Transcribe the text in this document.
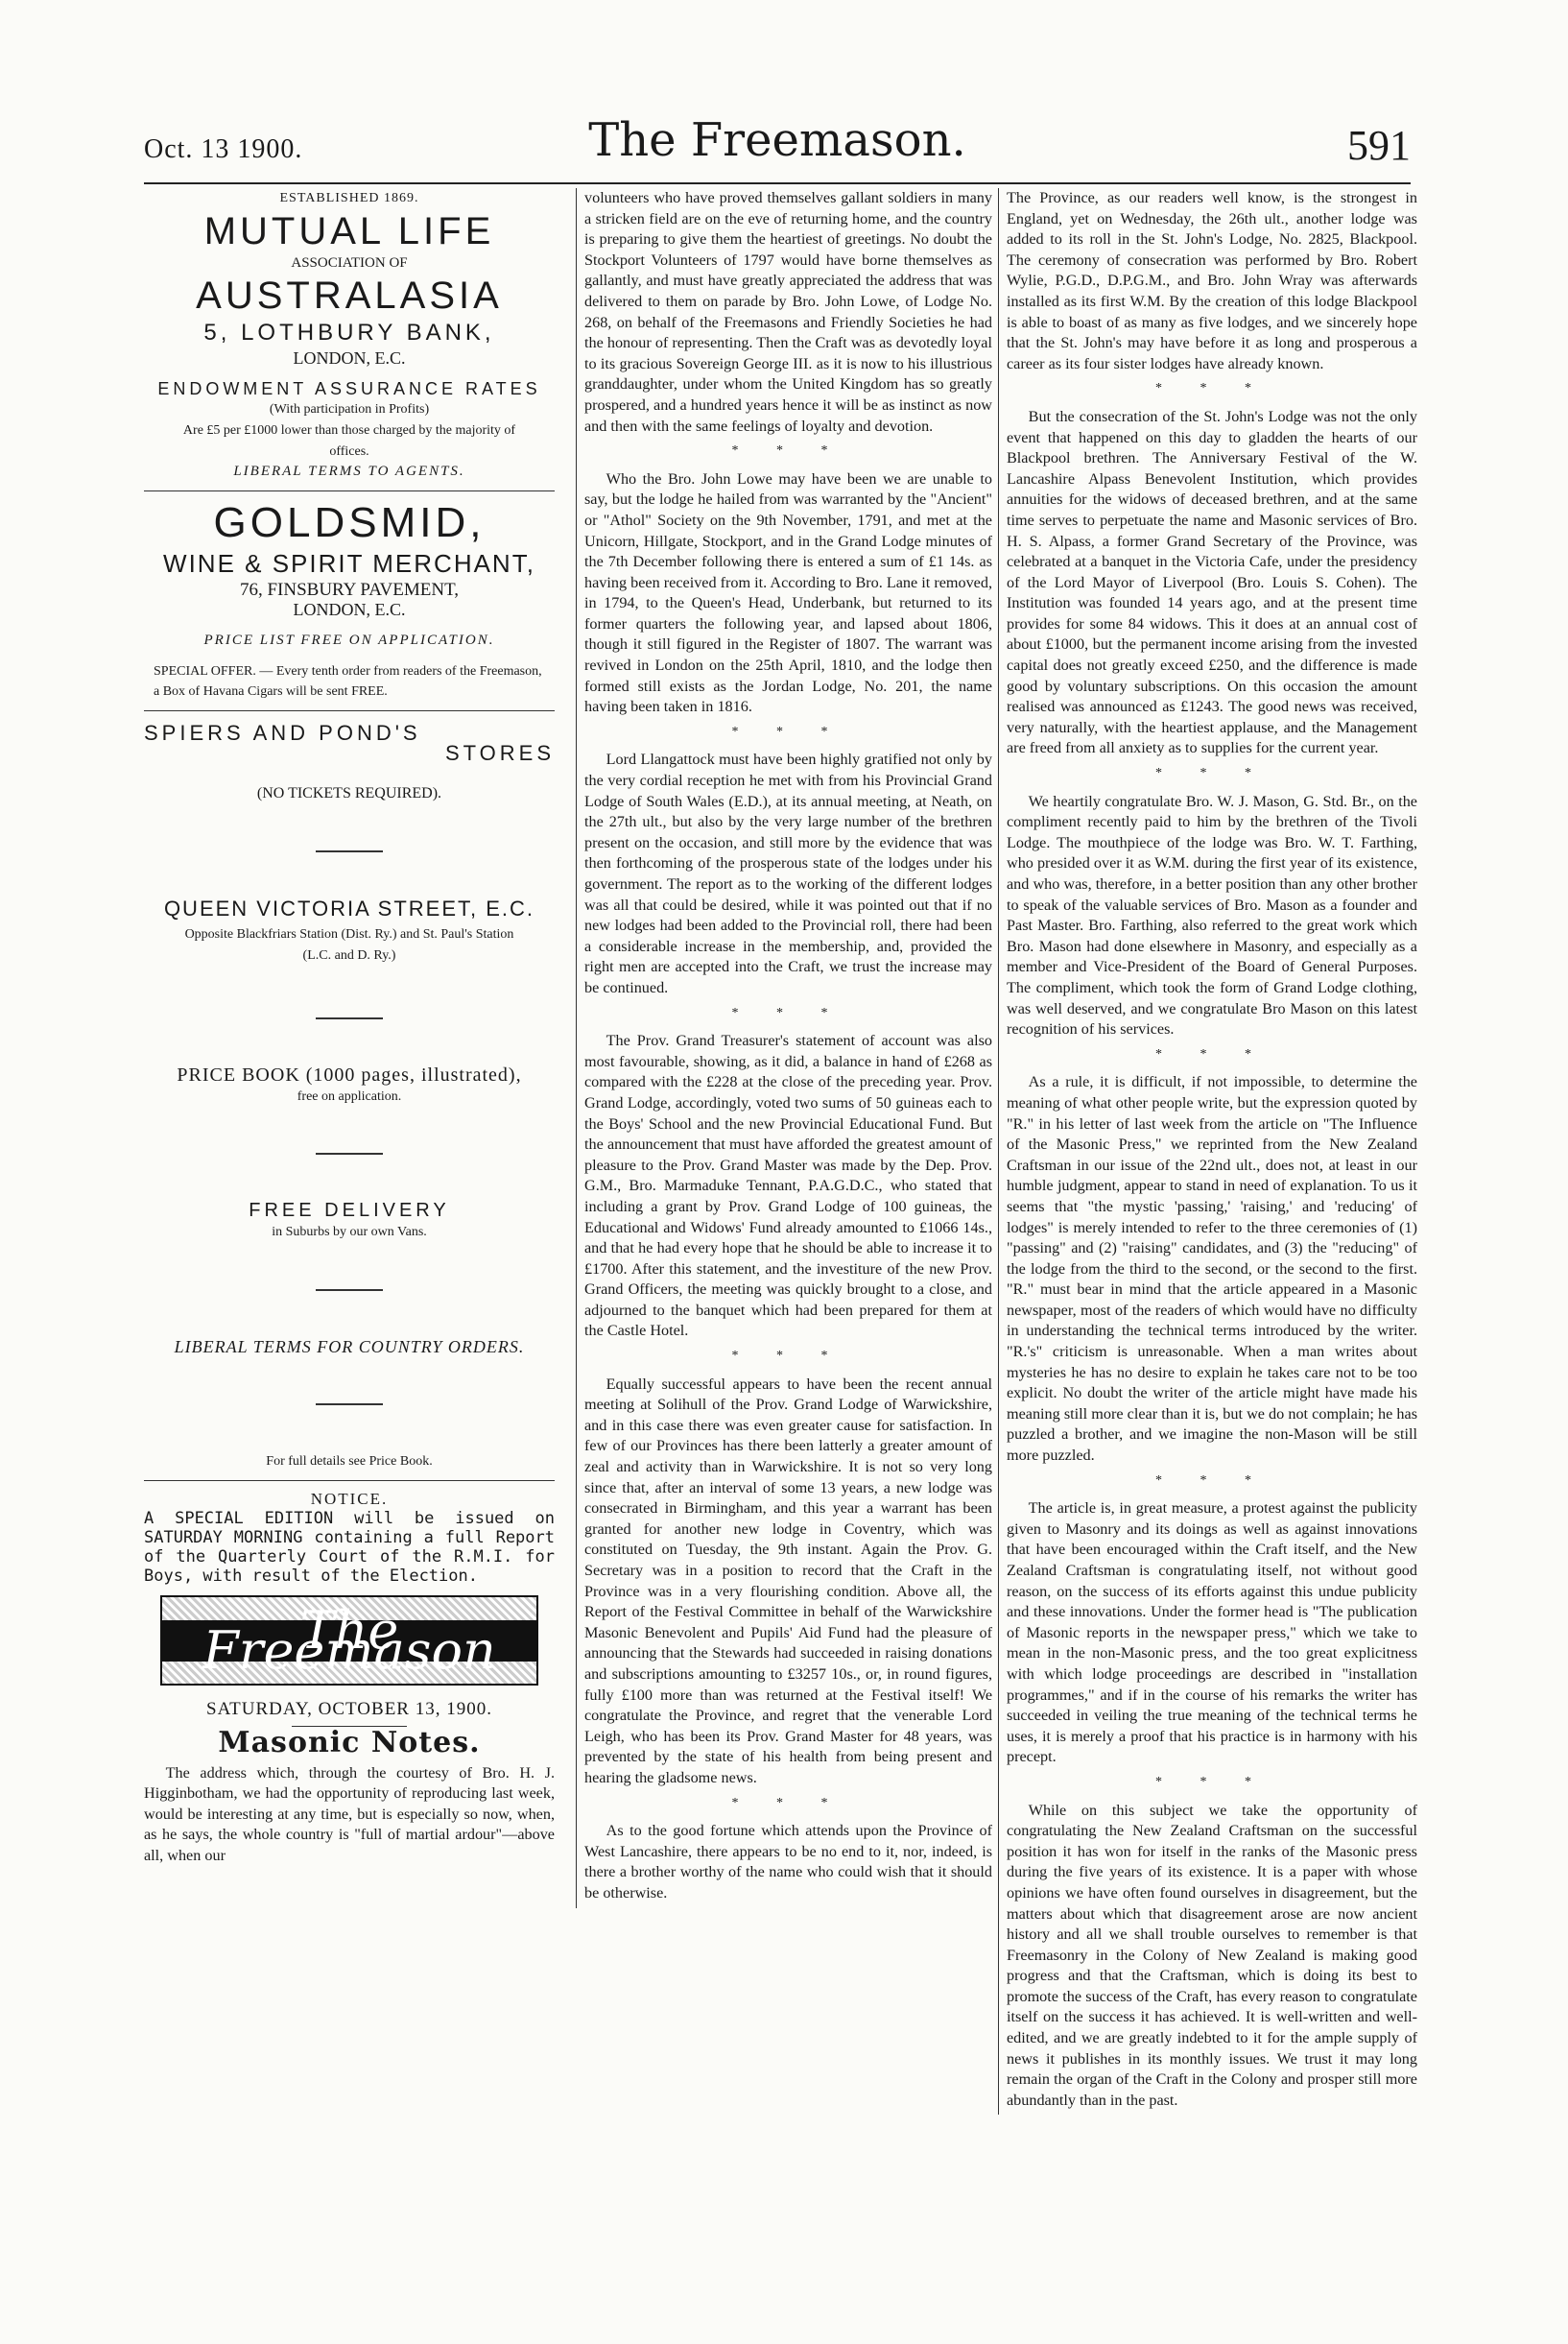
Oct. 13 1900.	The Freemason.	591
ESTABLISHED 1869.
MUTUAL LIFE
ASSOCIATION OF
AUSTRALASIA
5, LOTHBURY BANK,
LONDON, E.C.
ENDOWMENT ASSURANCE RATES
(With participation in Profits)
Are £5 per £1000 lower than those charged by the majority of offices.
LIBERAL TERMS TO AGENTS.
GOLDSMID,
WINE & SPIRIT MERCHANT,
76, FINSBURY PAVEMENT,
LONDON, E.C.
PRICE LIST FREE ON APPLICATION.
SPECIAL OFFER. — Every tenth order from readers of the Freemason, a Box of Havana Cigars will be sent FREE.
SPIERS AND POND'S
STORES
(NO TICKETS REQUIRED).
QUEEN VICTORIA STREET, E.C.
Opposite Blackfriars Station (Dist. Ry.) and St. Paul's Station (L.C. and D. Ry.)
PRICE BOOK (1000 pages, illustrated),
free on application.
FREE DELIVERY
in Suburbs by our own Vans.
LIBERAL TERMS FOR COUNTRY ORDERS.
For full details see Price Book.
NOTICE.
A SPECIAL EDITION will be issued on SATURDAY MORNING containing a full Report of the Quarterly Court of the R.M.I. for Boys, with result of the Election.
The Freemason
SATURDAY, OCTOBER 13, 1900.
Masonic Notes.

The address which, through the courtesy of Bro. H. J. Higginbotham, we had the opportunity of reproducing last week, would be interesting at any time, but is especially so now, when, as he says, the whole country is "full of martial ardour"—above all, when our

volunteers who have proved themselves gallant soldiers in many a stricken field are on the eve of returning home, and the country is preparing to give them the heartiest of greetings. No doubt the Stockport Volunteers of 1797 would have borne themselves as gallantly, and must have greatly appreciated the address that was delivered to them on parade by Bro. John Lowe, of Lodge No. 268, on behalf of the Freemasons and Friendly Societies he had the honour of representing. Then the Craft was as devotedly loyal to its gracious Sovereign George III. as it is now to his illustrious granddaughter, under whom the United Kingdom has so greatly prospered, and a hundred years hence it will be as instinct as now and then with the same feelings of loyalty and devotion.

* * *

Who the Bro. John Lowe may have been we are unable to say, but the lodge he hailed from was warranted by the "Ancient" or "Athol" Society on the 9th November, 1791, and met at the Unicorn, Hillgate, Stockport, and in the Grand Lodge minutes of the 7th December following there is entered a sum of £1 14s. as having been received from it. According to Bro. Lane it removed, in 1794, to the Queen's Head, Underbank, but returned to its former quarters the following year, and lapsed about 1806, though it still figured in the Register of 1807. The warrant was revived in London on the 25th April, 1810, and the lodge then formed still exists as the Jordan Lodge, No. 201, the name having been taken in 1816.

* * *

Lord Llangattock must have been highly gratified not only by the very cordial reception he met with from his Provincial Grand Lodge of South Wales (E.D.), at its annual meeting, at Neath, on the 27th ult., but also by the very large number of the brethren present on the occasion, and still more by the evidence that was then forthcoming of the prosperous state of the lodges under his government. The report as to the working of the different lodges was all that could be desired, while it was pointed out that if no new lodges had been added to the Provincial roll, there had been a considerable increase in the membership, and, provided the right men are accepted into the Craft, we trust the increase may be continued.

* * *

The Prov. Grand Treasurer's statement of account was also most favourable, showing, as it did, a balance in hand of £268 as compared with the £228 at the close of the preceding year. Prov. Grand Lodge, accordingly, voted two sums of 50 guineas each to the Boys' School and the new Provincial Educational Fund. But the announcement that must have afforded the greatest amount of pleasure to the Prov. Grand Master was made by the Dep. Prov. G.M., Bro. Marmaduke Tennant, P.A.G.D.C., who stated that including a grant by Prov. Grand Lodge of 100 guineas, the Educational and Widows' Fund already amounted to £1066 14s., and that he had every hope that he should be able to increase it to £1700. After this statement, and the investiture of the new Prov. Grand Officers, the meeting was quickly brought to a close, and adjourned to the banquet which had been prepared for them at the Castle Hotel.

* * *

Equally successful appears to have been the recent annual meeting at Solihull of the Prov. Grand Lodge of Warwickshire, and in this case there was even greater cause for satisfaction. In few of our Provinces has there been latterly a greater amount of zeal and activity than in Warwickshire. It is not so very long since that, after an interval of some 13 years, a new lodge was consecrated in Birmingham, and this year a warrant has been granted for another new lodge in Coventry, which was constituted on Tuesday, the 9th instant. Again the Prov. G. Secretary was in a position to record that the Craft in the Province was in a very flourishing condition. Above all, the Report of the Festival Committee in behalf of the Warwickshire Masonic Benevolent and Pupils' Aid Fund had the pleasure of announcing that the Stewards had succeeded in raising donations and subscriptions amounting to £3257 10s., or, in round figures, fully £100 more than was returned at the Festival itself! We congratulate the Province, and regret that the venerable Lord Leigh, who has been its Prov. Grand Master for 48 years, was prevented by the state of his health from being present and hearing the gladsome news.

* * *

As to the good fortune which attends upon the Province of West Lancashire, there appears to be no end to it, nor, indeed, is there a brother worthy of the name who could wish that it should be otherwise.

The Province, as our readers well know, is the strongest in England, yet on Wednesday, the 26th ult., another lodge was added to its roll in the St. John's Lodge, No. 2825, Blackpool. The ceremony of consecration was performed by Bro. Robert Wylie, P.G.D., D.P.G.M., and Bro. John Wray was afterwards installed as its first W.M. By the creation of this lodge Blackpool is able to boast of as many as five lodges, and we sincerely hope that the St. John's may have before it as long and prosperous a career as its four sister lodges have already known.

* * *

But the consecration of the St. John's Lodge was not the only event that happened on this day to gladden the hearts of our Blackpool brethren. The Anniversary Festival of the W. Lancashire Alpass Benevolent Institution, which provides annuities for the widows of deceased brethren, and at the same time serves to perpetuate the name and Masonic services of Bro. H. S. Alpass, a former Grand Secretary of the Province, was celebrated at a banquet in the Victoria Cafe, under the presidency of the Lord Mayor of Liverpool (Bro. Louis S. Cohen). The Institution was founded 14 years ago, and at the present time provides for some 84 widows. This it does at an annual cost of about £1000, but the permanent income arising from the invested capital does not greatly exceed £250, and the difference is made good by voluntary subscriptions. On this occasion the amount realised was announced as £1243. The good news was received, very naturally, with the heartiest applause, and the Management are freed from all anxiety as to supplies for the current year.

* * *

We heartily congratulate Bro. W. J. Mason, G. Std. Br., on the compliment recently paid to him by the brethren of the Tivoli Lodge. The mouthpiece of the lodge was Bro. W. T. Farthing, who presided over it as W.M. during the first year of its existence, and who was, therefore, in a better position than any other brother to speak of the valuable services of Bro. Mason as a founder and Past Master. Bro. Farthing, also referred to the great work which Bro. Mason had done elsewhere in Masonry, and especially as a member and Vice-President of the Board of General Purposes. The compliment, which took the form of Grand Lodge clothing, was well deserved, and we congratulate Bro Mason on this latest recognition of his services.

* * *

As a rule, it is difficult, if not impossible, to determine the meaning of what other people write, but the expression quoted by "R." in his letter of last week from the article on "The Influence of the Masonic Press," we reprinted from the New Zealand Craftsman in our issue of the 22nd ult., does not, at least in our humble judgment, appear to stand in need of explanation. To us it seems that "the mystic 'passing,' 'raising,' and 'reducing' of lodges" is merely intended to refer to the three ceremonies of (1) "passing" and (2) "raising" candidates, and (3) the "reducing" of the lodge from the third to the second, or the second to the first. "R." must bear in mind that the article appeared in a Masonic newspaper, most of the readers of which would have no difficulty in understanding the technical terms introduced by the writer. "R.'s" criticism is unreasonable. When a man writes about mysteries he has no desire to explain he takes care not to be too explicit. No doubt the writer of the article might have made his meaning still more clear than it is, but we do not complain; he has puzzled a brother, and we imagine the non-Mason will be still more puzzled.

* * *

The article is, in great measure, a protest against the publicity given to Masonry and its doings as well as against innovations that have been encouraged within the Craft itself, and the New Zealand Craftsman is congratulating itself, not without good reason, on the success of its efforts against this undue publicity and these innovations. Under the former head is "The publication of Masonic reports in the newspaper press," which we take to mean in the non-Masonic press, and the too great explicitness with which lodge proceedings are described in "installation programmes," and if in the course of his remarks the writer has succeeded in veiling the true meaning of the technical terms he uses, it is merely a proof that his practice is in harmony with his precept.

* * *

While on this subject we take the opportunity of congratulating the New Zealand Craftsman on the successful position it has won for itself in the ranks of the Masonic press during the five years of its existence. It is a paper with whose opinions we have often found ourselves in disagreement, but the matters about which that disagreement arose are now ancient history and all we shall trouble ourselves to remember is that Freemasonry in the Colony of New Zealand is making good progress and that the Craftsman, which is doing its best to promote the success of the Craft, has every reason to congratulate itself on the success it has achieved. It is well-written and well-edited, and we are greatly indebted to it for the ample supply of news it publishes in its monthly issues. We trust it may long remain the organ of the Craft in the Colony and prosper still more abundantly than in the past.
